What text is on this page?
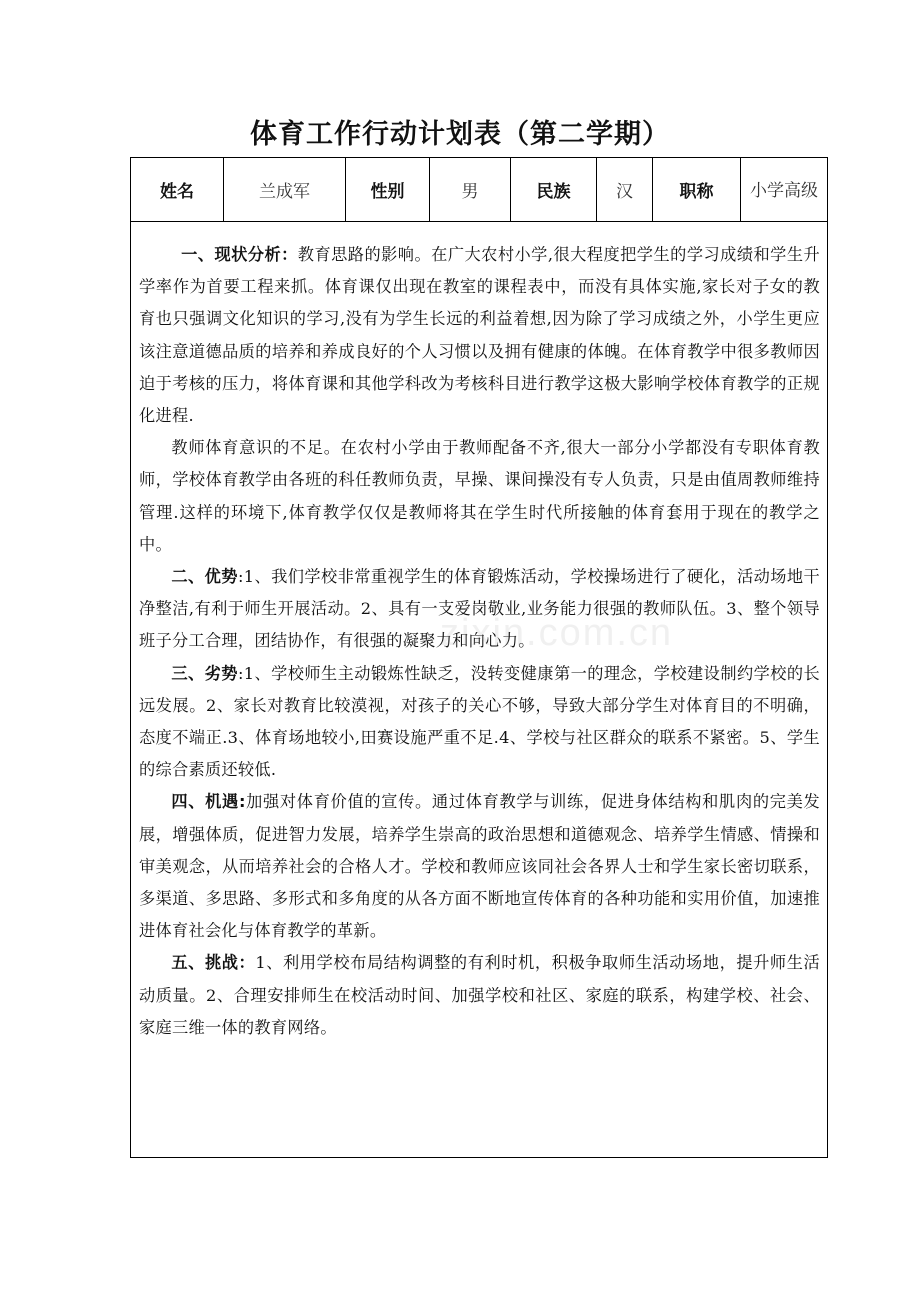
体育工作行动计划表（第二学期）
姓名	兰成军	性别	男	民族	汉	职称	小学高级

一、现状分析：教育思路的影响。在广大农村小学,很大程度把学生的学习成绩和学生升学率作为首要工程来抓。体育课仅出现在教室的课程表中，而没有具体实施,家长对子女的教育也只强调文化知识的学习,没有为学生长远的利益着想,因为除了学习成绩之外，小学生更应该注意道德品质的培养和养成良好的个人习惯以及拥有健康的体魄。在体育教学中很多教师因迫于考核的压力，将体育课和其他学科改为考核科目进行教学这极大影响学校体育教学的正规化进程.

教师体育意识的不足。在农村小学由于教师配备不齐,很大一部分小学都没有专职体育教师，学校体育教学由各班的科任教师负责，早操、课间操没有专人负责，只是由值周教师维持管理.这样的环境下,体育教学仅仅是教师将其在学生时代所接触的体育套用于现在的教学之中。

二、优势:1、我们学校非常重视学生的体育锻炼活动，学校操场进行了硬化，活动场地干净整洁,有利于师生开展活动。2、具有一支爱岗敬业,业务能力很强的教师队伍。3、整个领导班子分工合理，团结协作，有很强的凝聚力和向心力。

三、劣势:1、学校师生主动锻炼性缺乏，没转变健康第一的理念，学校建设制约学校的长远发展。2、家长对教育比较漠视，对孩子的关心不够，导致大部分学生对体育目的不明确，态度不端正.3、体育场地较小,田赛设施严重不足.4、学校与社区群众的联系不紧密。5、学生的综合素质还较低.

四、机遇:加强对体育价值的宣传。通过体育教学与训练，促进身体结构和肌肉的完美发展，增强体质，促进智力发展，培养学生崇高的政治思想和道德观念、培养学生情感、情操和审美观念，从而培养社会的合格人才。学校和教师应该同社会各界人士和学生家长密切联系，多渠道、多思路、多形式和多角度的从各方面不断地宣传体育的各种功能和实用价值，加速推进体育社会化与体育教学的革新。

五、挑战：1、利用学校布局结构调整的有利时机，积极争取师生活动场地，提升师生活动质量。2、合理安排师生在校活动时间、加强学校和社区、家庭的联系，构建学校、社会、家庭三维一体的教育网络。

zixin.com.cn
